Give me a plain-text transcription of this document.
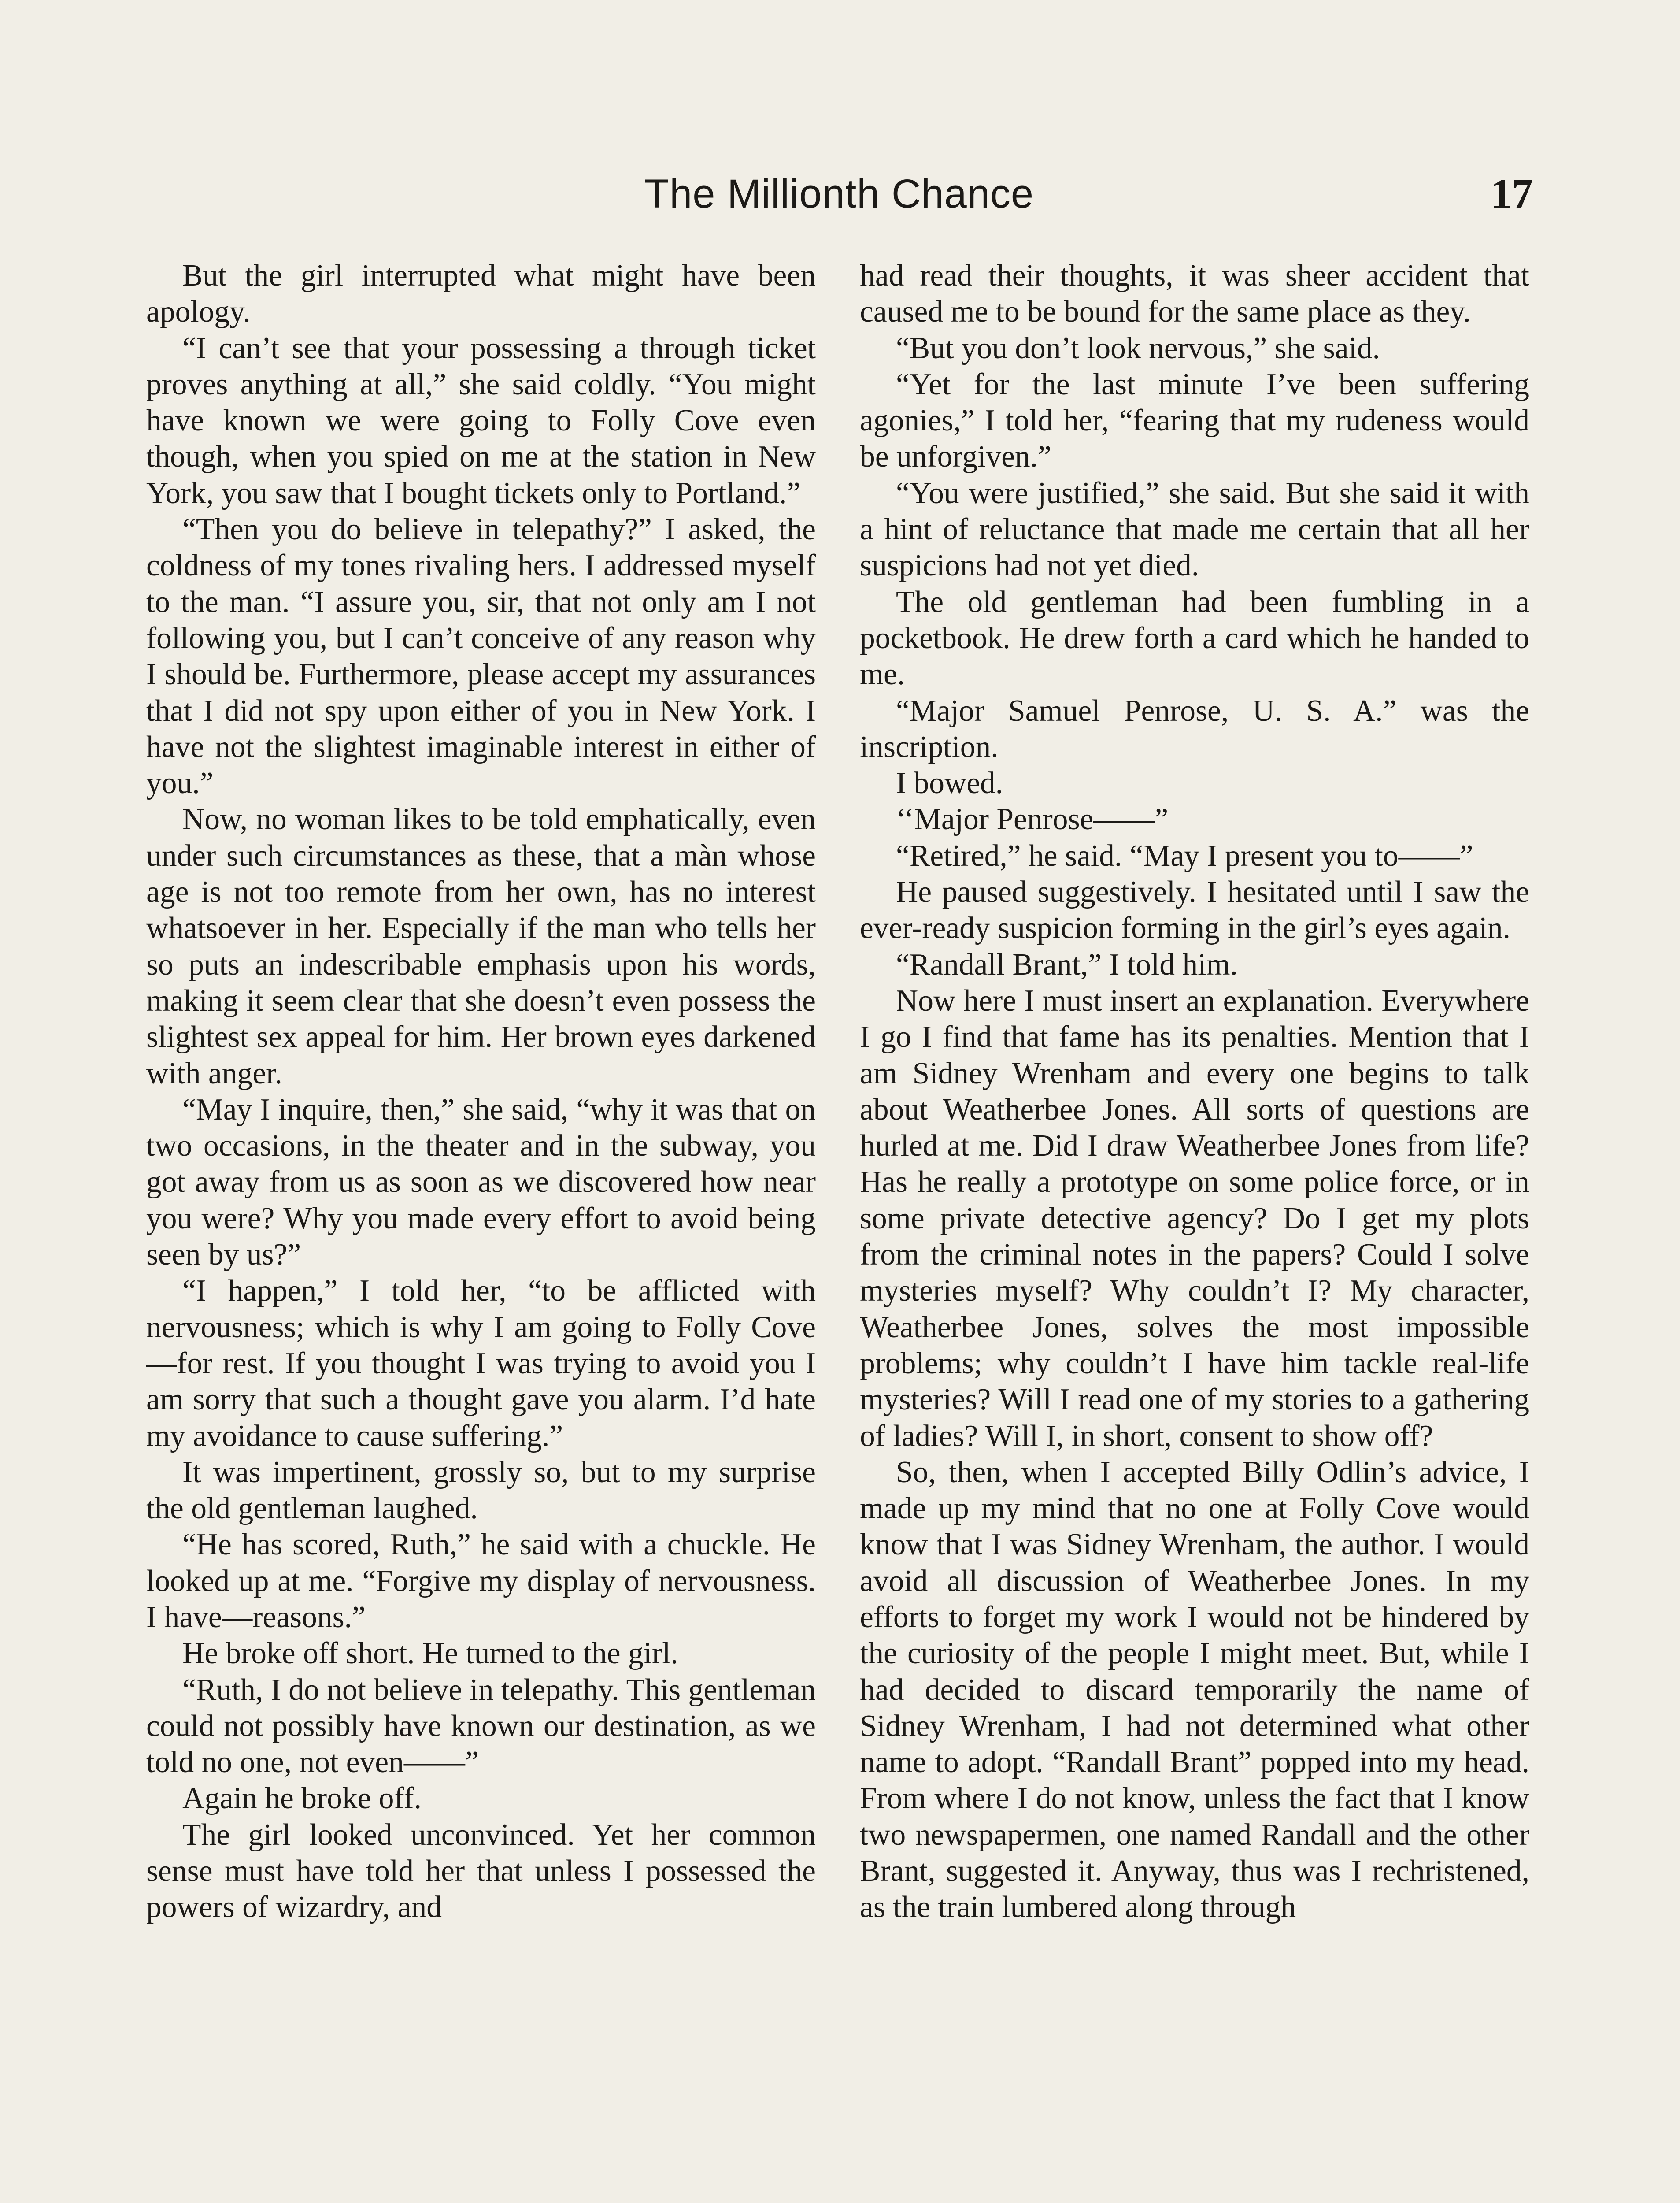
The Millionth Chance	17

But the girl interrupted what might have been apology.

“I can’t see that your possessing a through ticket proves anything at all,” she said coldly. “You might have known we were going to Folly Cove even though, when you spied on me at the station in New York, you saw that I bought tickets only to Portland.”

“Then you do believe in telepathy?” I asked, the coldness of my tones rivaling hers. I addressed myself to the man. “I assure you, sir, that not only am I not following you, but I can’t conceive of any reason why I should be. Furthermore, please accept my assurances that I did not spy upon either of you in New York. I have not the slightest imaginable interest in either of you.”

Now, no woman likes to be told emphatically, even under such circumstances as these, that a màn whose age is not too remote from her own, has no interest whatsoever in her. Especially if the man who tells her so puts an indescribable emphasis upon his words, making it seem clear that she doesn’t even possess the slightest sex appeal for him. Her brown eyes darkened with anger.

“May I inquire, then,” she said, “why it was that on two occasions, in the theater and in the subway, you got away from us as soon as we discovered how near you were? Why you made every effort to avoid being seen by us?”

“I happen,” I told her, “to be afflicted with nervousness; which is why I am going to Folly Cove—for rest. If you thought I was trying to avoid you I am sorry that such a thought gave you alarm. I’d hate my avoidance to cause suffering.”

It was impertinent, grossly so, but to my surprise the old gentleman laughed.

“He has scored, Ruth,” he said with a chuckle. He looked up at me. “Forgive my display of nervousness. I have—reasons.”

He broke off short. He turned to the girl.

“Ruth, I do not believe in telepathy. This gentleman could not possibly have known our destination, as we told no one, not even——”

Again he broke off.

The girl looked unconvinced. Yet her common sense must have told her that unless I possessed the powers of wizardry, and

had read their thoughts, it was sheer accident that caused me to be bound for the same place as they.

“But you don’t look nervous,” she said.

“Yet for the last minute I’ve been suffering agonies,” I told her, “fearing that my rudeness would be unforgiven.”

“You were justified,” she said. But she said it with a hint of reluctance that made me certain that all her suspicions had not yet died.

The old gentleman had been fumbling in a pocketbook. He drew forth a card which he handed to me.

“Major Samuel Penrose, U. S. A.” was the inscription.

I bowed.

‘‘Major Penrose——”

“Retired,” he said. “May I present you to——”

He paused suggestively. I hesitated until I saw the ever-ready suspicion forming in the girl’s eyes again.

“Randall Brant,” I told him.

Now here I must insert an explanation. Everywhere I go I find that fame has its penalties. Mention that I am Sidney Wrenham and every one begins to talk about Weatherbee Jones. All sorts of questions are hurled at me. Did I draw Weatherbee Jones from life? Has he really a prototype on some police force, or in some private detective agency? Do I get my plots from the criminal notes in the papers? Could I solve mysteries myself? Why couldn’t I? My character, Weatherbee Jones, solves the most impossible problems; why couldn’t I have him tackle real-life mysteries? Will I read one of my stories to a gathering of ladies? Will I, in short, consent to show off?

So, then, when I accepted Billy Odlin’s advice, I made up my mind that no one at Folly Cove would know that I was Sidney Wrenham, the author. I would avoid all discussion of Weatherbee Jones. In my efforts to forget my work I would not be hindered by the curiosity of the people I might meet. But, while I had decided to discard temporarily the name of Sidney Wrenham, I had not determined what other name to adopt. “Randall Brant” popped into my head. From where I do not know, unless the fact that I know two newspapermen, one named Randall and the other Brant, suggested it. Anyway, thus was I rechristened, as the train lumbered along through
